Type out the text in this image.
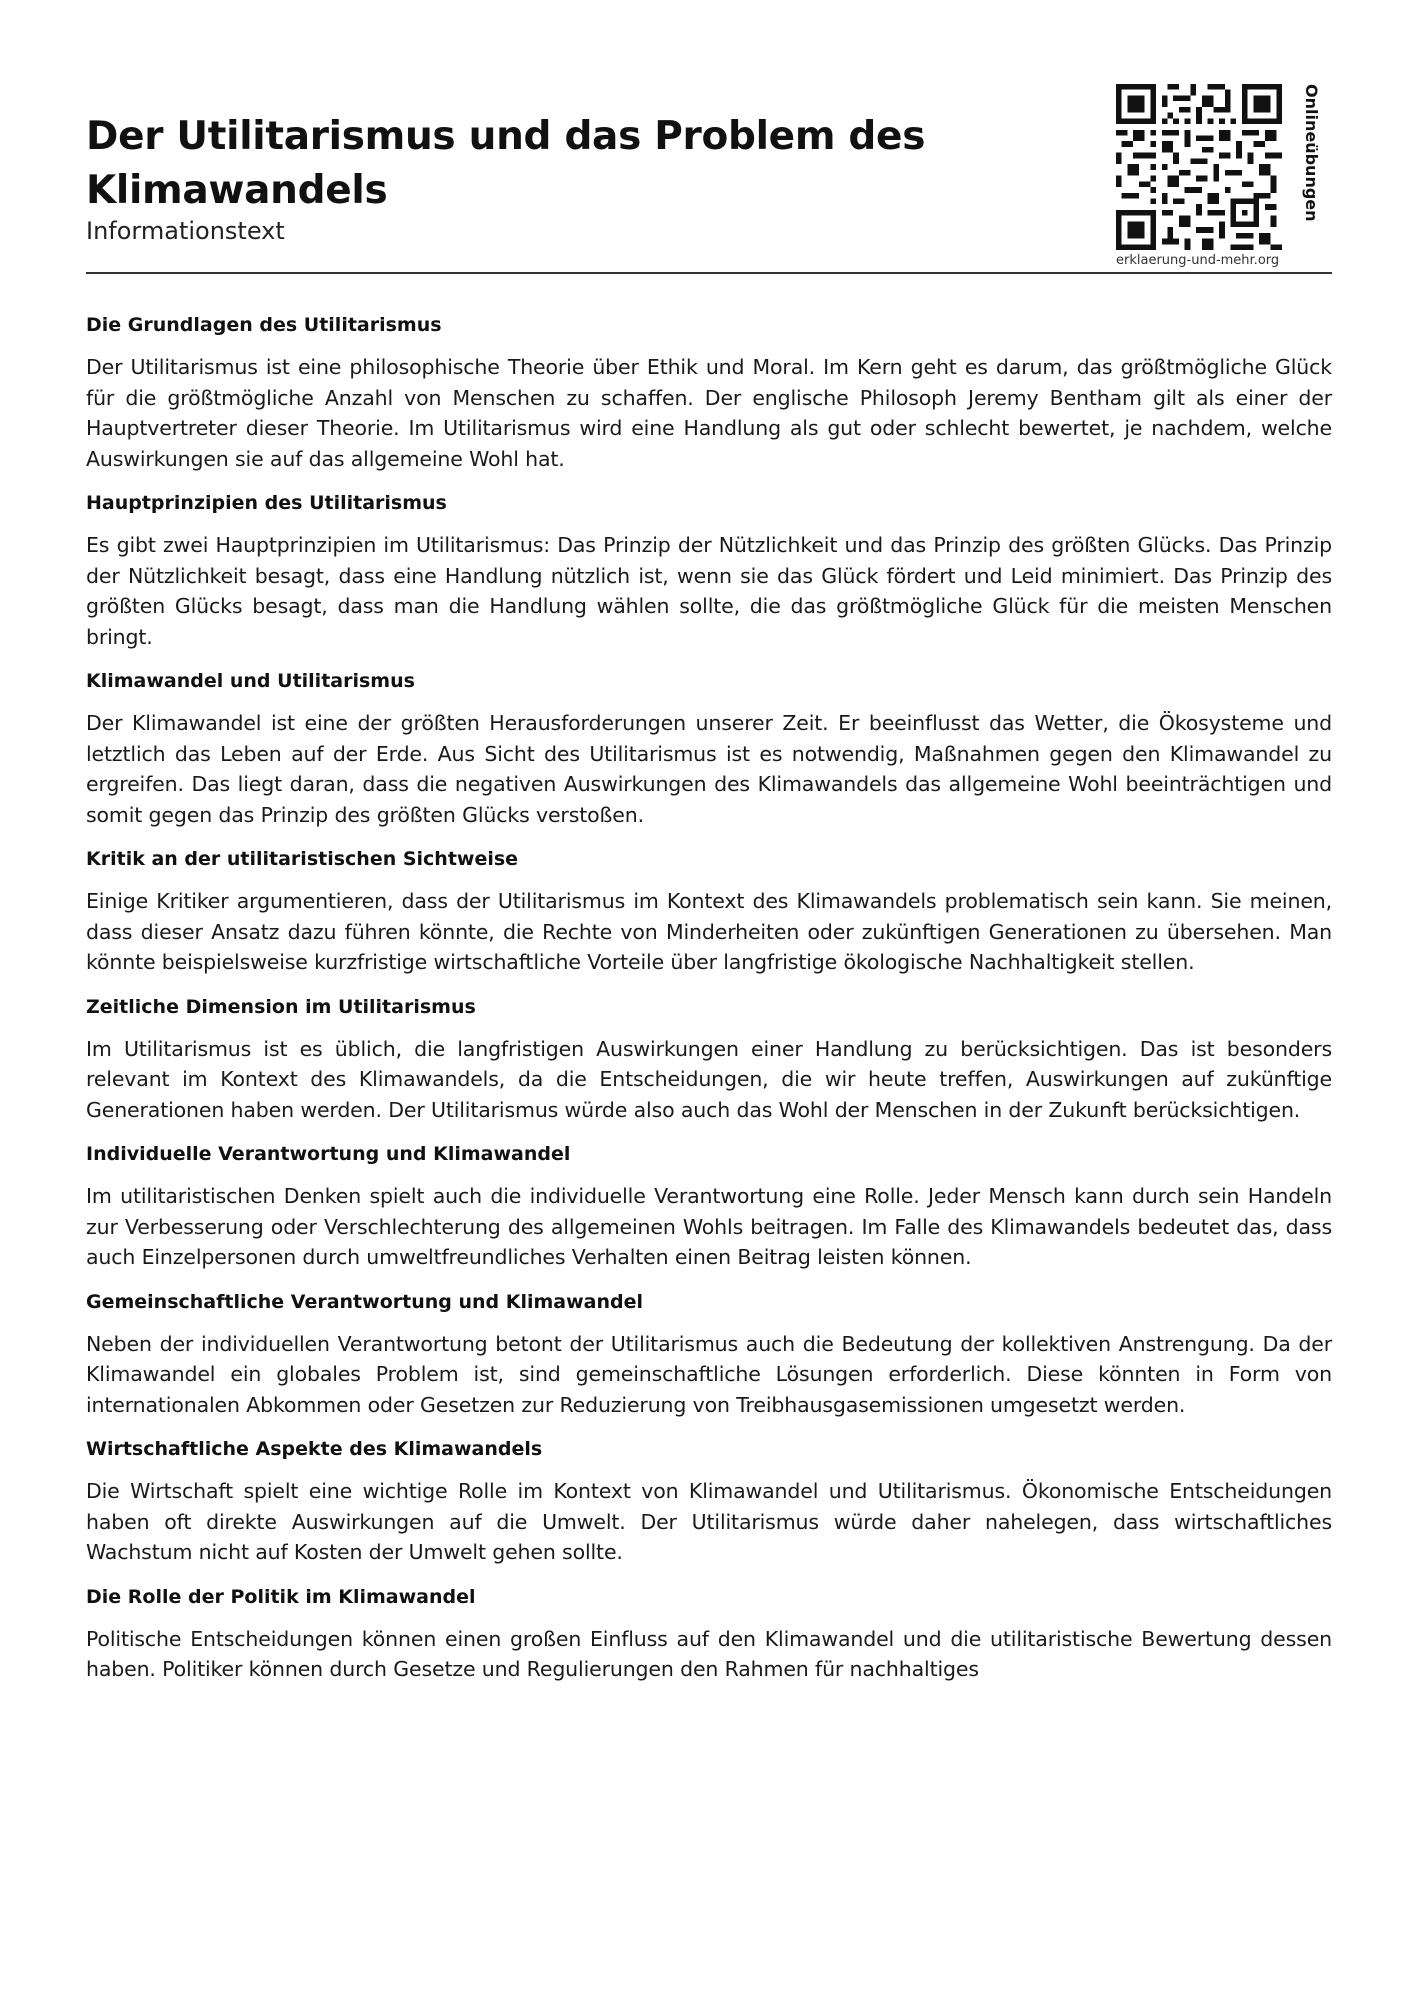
Der Utilitarismus und das Problem des Klimawandels
Informationstext
Onlineübungen
erklaerung-und-mehr.org
Die Grundlagen des Utilitarismus

Der Utilitarismus ist eine philosophische Theorie über Ethik und Moral. Im Kern geht es darum, das größtmögliche Glück für die größtmögliche Anzahl von Menschen zu schaffen. Der englische Philosoph Jeremy Bentham gilt als einer der Hauptvertreter dieser Theorie. Im Utilitarismus wird eine Handlung als gut oder schlecht bewertet, je nachdem, welche Auswirkungen sie auf das allgemeine Wohl hat.

Hauptprinzipien des Utilitarismus

Es gibt zwei Hauptprinzipien im Utilitarismus: Das Prinzip der Nützlichkeit und das Prinzip des größten Glücks. Das Prinzip der Nützlichkeit besagt, dass eine Handlung nützlich ist, wenn sie das Glück fördert und Leid minimiert. Das Prinzip des größten Glücks besagt, dass man die Handlung wählen sollte, die das größtmögliche Glück für die meisten Menschen bringt.

Klimawandel und Utilitarismus

Der Klimawandel ist eine der größten Herausforderungen unserer Zeit. Er beeinflusst das Wetter, die Ökosysteme und letztlich das Leben auf der Erde. Aus Sicht des Utilitarismus ist es notwendig, Maßnahmen gegen den Klimawandel zu ergreifen. Das liegt daran, dass die negativen Auswirkungen des Klimawandels das allgemeine Wohl beeinträchtigen und somit gegen das Prinzip des größten Glücks verstoßen.

Kritik an der utilitaristischen Sichtweise

Einige Kritiker argumentieren, dass der Utilitarismus im Kontext des Klimawandels problematisch sein kann. Sie meinen, dass dieser Ansatz dazu führen könnte, die Rechte von Minderheiten oder zukünftigen Generationen zu übersehen. Man könnte beispielsweise kurzfristige wirtschaftliche Vorteile über langfristige ökologische Nachhaltigkeit stellen.

Zeitliche Dimension im Utilitarismus

Im Utilitarismus ist es üblich, die langfristigen Auswirkungen einer Handlung zu berücksichtigen. Das ist besonders relevant im Kontext des Klimawandels, da die Entscheidungen, die wir heute treffen, Auswirkungen auf zukünftige Generationen haben werden. Der Utilitarismus würde also auch das Wohl der Menschen in der Zukunft berücksichtigen.

Individuelle Verantwortung und Klimawandel

Im utilitaristischen Denken spielt auch die individuelle Verantwortung eine Rolle. Jeder Mensch kann durch sein Handeln zur Verbesserung oder Verschlechterung des allgemeinen Wohls beitragen. Im Falle des Klimawandels bedeutet das, dass auch Einzelpersonen durch umweltfreundliches Verhalten einen Beitrag leisten können.

Gemeinschaftliche Verantwortung und Klimawandel

Neben der individuellen Verantwortung betont der Utilitarismus auch die Bedeutung der kollektiven Anstrengung. Da der Klimawandel ein globales Problem ist, sind gemeinschaftliche Lösungen erforderlich. Diese könnten in Form von internationalen Abkommen oder Gesetzen zur Reduzierung von Treibhausgasemissionen umgesetzt werden.

Wirtschaftliche Aspekte des Klimawandels

Die Wirtschaft spielt eine wichtige Rolle im Kontext von Klimawandel und Utilitarismus. Ökonomische Entscheidungen haben oft direkte Auswirkungen auf die Umwelt. Der Utilitarismus würde daher nahelegen, dass wirtschaftliches Wachstum nicht auf Kosten der Umwelt gehen sollte.

Die Rolle der Politik im Klimawandel

Politische Entscheidungen können einen großen Einfluss auf den Klimawandel und die utilitaristische Bewertung dessen haben. Politiker können durch Gesetze und Regulierungen den Rahmen für nachhaltiges
